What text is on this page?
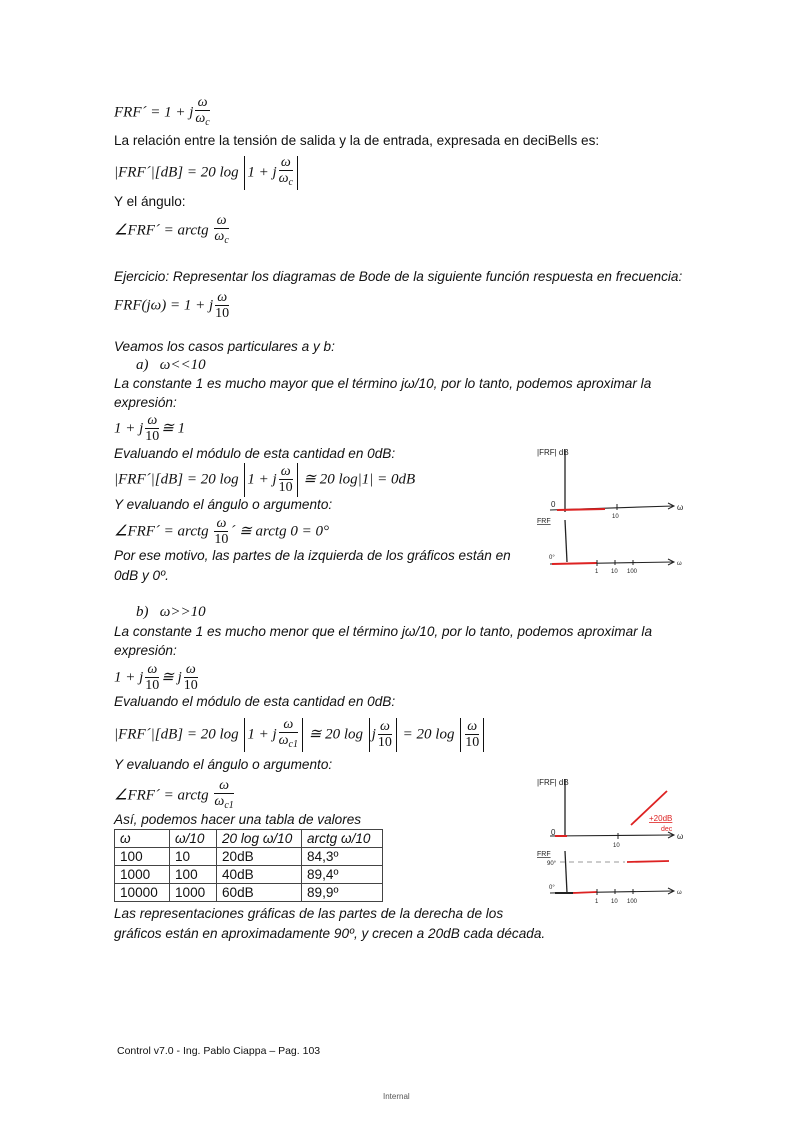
FRF´ = 1 + j $\frac{\omega}{\omega_c}$
La relación entre la tensión de salida y la de entrada, expresada en deciBells es:
|FRF´|[dB] = 20 log 1 + j $\frac{\omega}{\omega_c}$
Y el ángulo:
∠FRF´ = arctg $\frac{\omega}{\omega_c}$
Ejercicio: Representar los diagramas de Bode de la siguiente función respuesta en frecuencia:
FRF(jω) = 1 + j $\frac{\omega}{10}$
Veamos los casos particulares a y b:
a) ω<<10
La constante 1 es mucho mayor que el término jω/10, por lo tanto, podemos aproximar la
expresión:
1 + j $\frac{\omega}{10}$ ≅ 1
Evaluando el módulo de esta cantidad en 0dB:
|FRF´|[dB] = 20 log 1 + j $\frac{\omega}{10}$ ≅ 20 log|1| = 0dB
Y evaluando el ángulo o argumento:
∠FRF´ = arctg $\frac{\omega}{10}$ ´ ≅ arctg 0 = 0°
Por ese motivo, las partes de la izquierda de los gráficos están en
0dB y 0º.
|FRF| dB
ω
0
10
FRF
ω
0°
1 10 100
b) ω>>10
La constante 1 es mucho menor que el término jω/10, por lo tanto, podemos aproximar la
expresión:
1 + j $\frac{\omega}{10}$ ≅ j $\frac{\omega}{10}$
Evaluando el módulo de esta cantidad en 0dB:
|FRF´|[dB] = 20 log 1 + j $\frac{\omega}{\omega_{c1}}$ ≅ 20 log j $\frac{\omega}{10} = 20$ $\log \frac{\omega}{10}$
Y evaluando el ángulo o argumento:
∠FRF´ = arctg $\frac{\omega}{\omega_{c1}}$
Así, podemos hacer una tabla de valores
ω	ω/10	20 log ω/10	arctg ω/10
100	10	20dB	84,3º
1000	100	40dB	89,4º
10000	1000	60dB	89,9º
Las representaciones gráficas de las partes de la derecha de los
gráficos están en aproximadamente 90º, y crecen a 20dB cada década.
|FRF| dB
ω
0
10
+20dB
dec
FRF
90°
ω
0°
1 10 100
Control v7.0 - Ing. Pablo Ciappa – Pag. 103
Internal
